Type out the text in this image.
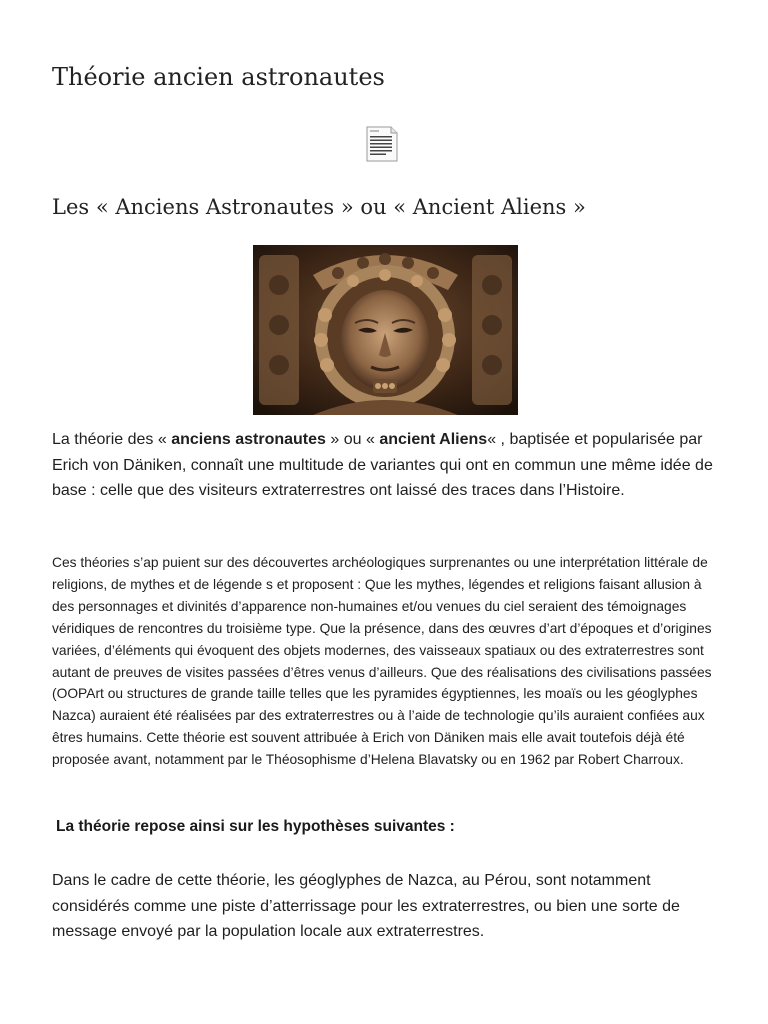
Théorie ancien astronautes
Les « Anciens Astronautes » ou « Ancient Aliens »

La théorie des « anciens astronautes » ou « ancient Aliens« , baptisée et popularisée par Erich von Däniken, connaît une multitude de variantes qui ont en commun une même idée de base : celle que des visiteurs extraterrestres ont laissé des traces dans l’Histoire.

Ces théories s’ap puient sur des découvertes archéologiques surprenantes ou une interprétation littérale de religions, de mythes et de légende s et proposent : Que les mythes, légendes et religions faisant allusion à des personnages et divinités d’apparence non-humaines et/ou venues du ciel seraient des témoignages véridiques de rencontres du troisième type. Que la présence, dans des œuvres d’art d’époques et d’origines variées, d’éléments qui évoquent des objets modernes, des vaisseaux spatiaux ou des extraterrestres sont autant de preuves de visites passées d’êtres venus d’ailleurs. Que des réalisations des civilisations passées (OOPArt ou structures de grande taille telles que les pyramides égyptiennes, les moaïs ou les géoglyphes Nazca) auraient été réalisées par des extraterrestres ou à l’aide de technologie qu’ils auraient confiées aux êtres humains. Cette théorie est souvent attribuée à Erich von Däniken mais elle avait toutefois déjà été proposée avant, notamment par le Théosophisme d’Helena Blavatsky ou en 1962 par Robert Charroux.

La théorie repose ainsi sur les hypothèses suivantes :

Dans le cadre de cette théorie, les géoglyphes de Nazca, au Pérou, sont notamment considérés comme une piste d’atterrissage pour les extraterrestres, ou bien une sorte de message envoyé par la population locale aux extraterrestres.
